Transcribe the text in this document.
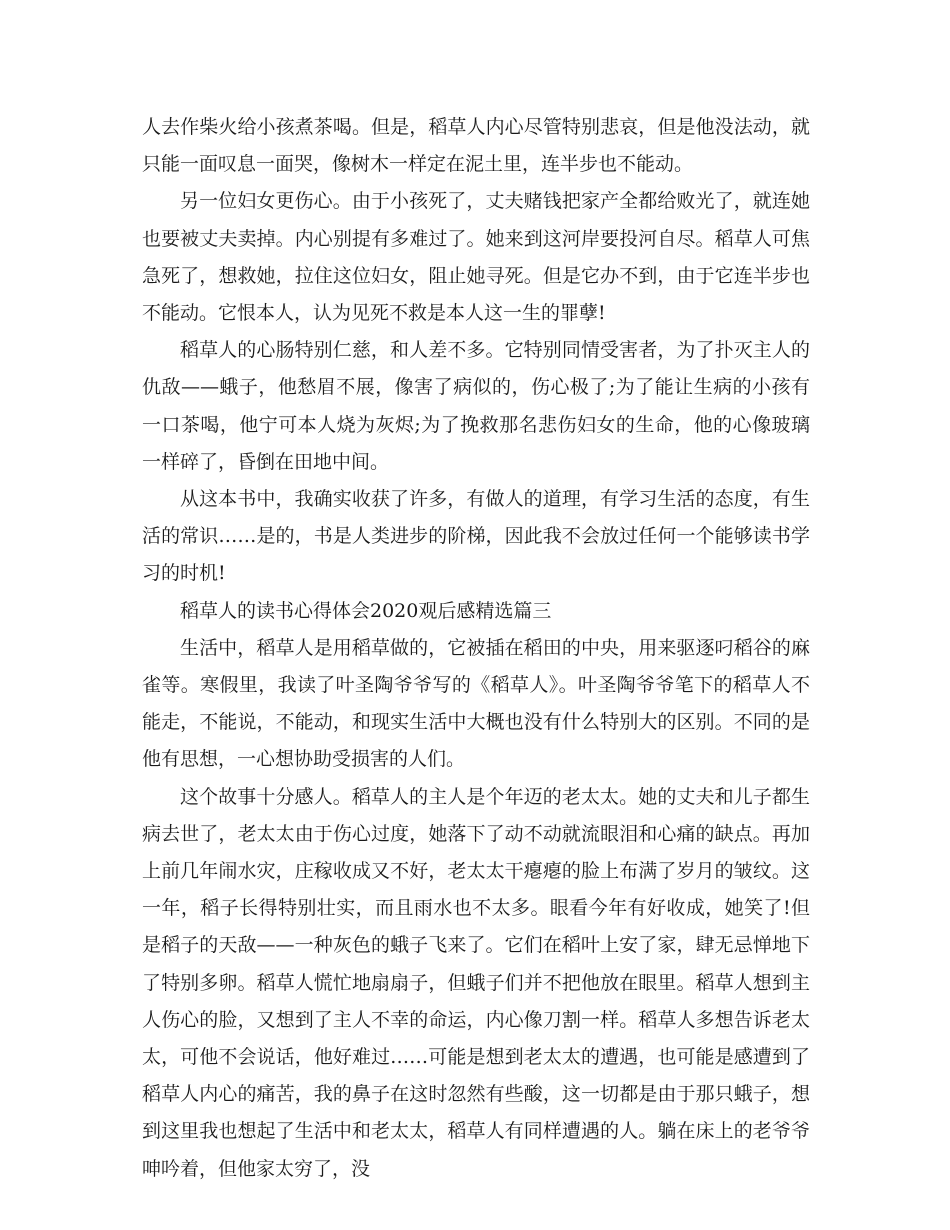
人去作柴火给小孩煮茶喝。但是，稻草人内心尽管特别悲哀，但是他没法动，就只能一面叹息一面哭，像树木一样定在泥土里，连半步也不能动。

另一位妇女更伤心。由于小孩死了，丈夫赌钱把家产全都给败光了，就连她也要被丈夫卖掉。内心别提有多难过了。她来到这河岸要投河自尽。稻草人可焦急死了，想救她，拉住这位妇女，阻止她寻死。但是它办不到，由于它连半步也不能动。它恨本人，认为见死不救是本人这一生的罪孽!

稻草人的心肠特别仁慈，和人差不多。它特别同情受害者，为了扑灭主人的仇敌——蛾子，他愁眉不展，像害了病似的，伤心极了;为了能让生病的小孩有一口茶喝，他宁可本人烧为灰烬;为了挽救那名悲伤妇女的生命，他的心像玻璃一样碎了，昏倒在田地中间。

从这本书中，我确实收获了许多，有做人的道理，有学习生活的态度，有生活的常识……是的，书是人类进步的阶梯，因此我不会放过任何一个能够读书学习的时机!

稻草人的读书心得体会2020观后感精选篇三

生活中，稻草人是用稻草做的，它被插在稻田的中央，用来驱逐叼稻谷的麻雀等。寒假里，我读了叶圣陶爷爷写的《稻草人》。叶圣陶爷爷笔下的稻草人不能走，不能说，不能动，和现实生活中大概也没有什么特别大的区别。不同的是他有思想，一心想协助受损害的人们。

这个故事十分感人。稻草人的主人是个年迈的老太太。她的丈夫和儿子都生病去世了，老太太由于伤心过度，她落下了动不动就流眼泪和心痛的缺点。再加上前几年闹水灾，庄稼收成又不好，老太太干瘪瘪的脸上布满了岁月的皱纹。这一年，稻子长得特别壮实，而且雨水也不太多。眼看今年有好收成，她笑了!但是稻子的天敌——一种灰色的蛾子飞来了。它们在稻叶上安了家，肆无忌惮地下了特别多卵。稻草人慌忙地扇扇子，但蛾子们并不把他放在眼里。稻草人想到主人伤心的脸，又想到了主人不幸的命运，内心像刀割一样。稻草人多想告诉老太太，可他不会说话，他好难过……可能是想到老太太的遭遇，也可能是感遭到了稻草人内心的痛苦，我的鼻子在这时忽然有些酸，这一切都是由于那只蛾子，想到这里我也想起了生活中和老太太，稻草人有同样遭遇的人。躺在床上的老爷爷呻吟着，但他家太穷了，没
